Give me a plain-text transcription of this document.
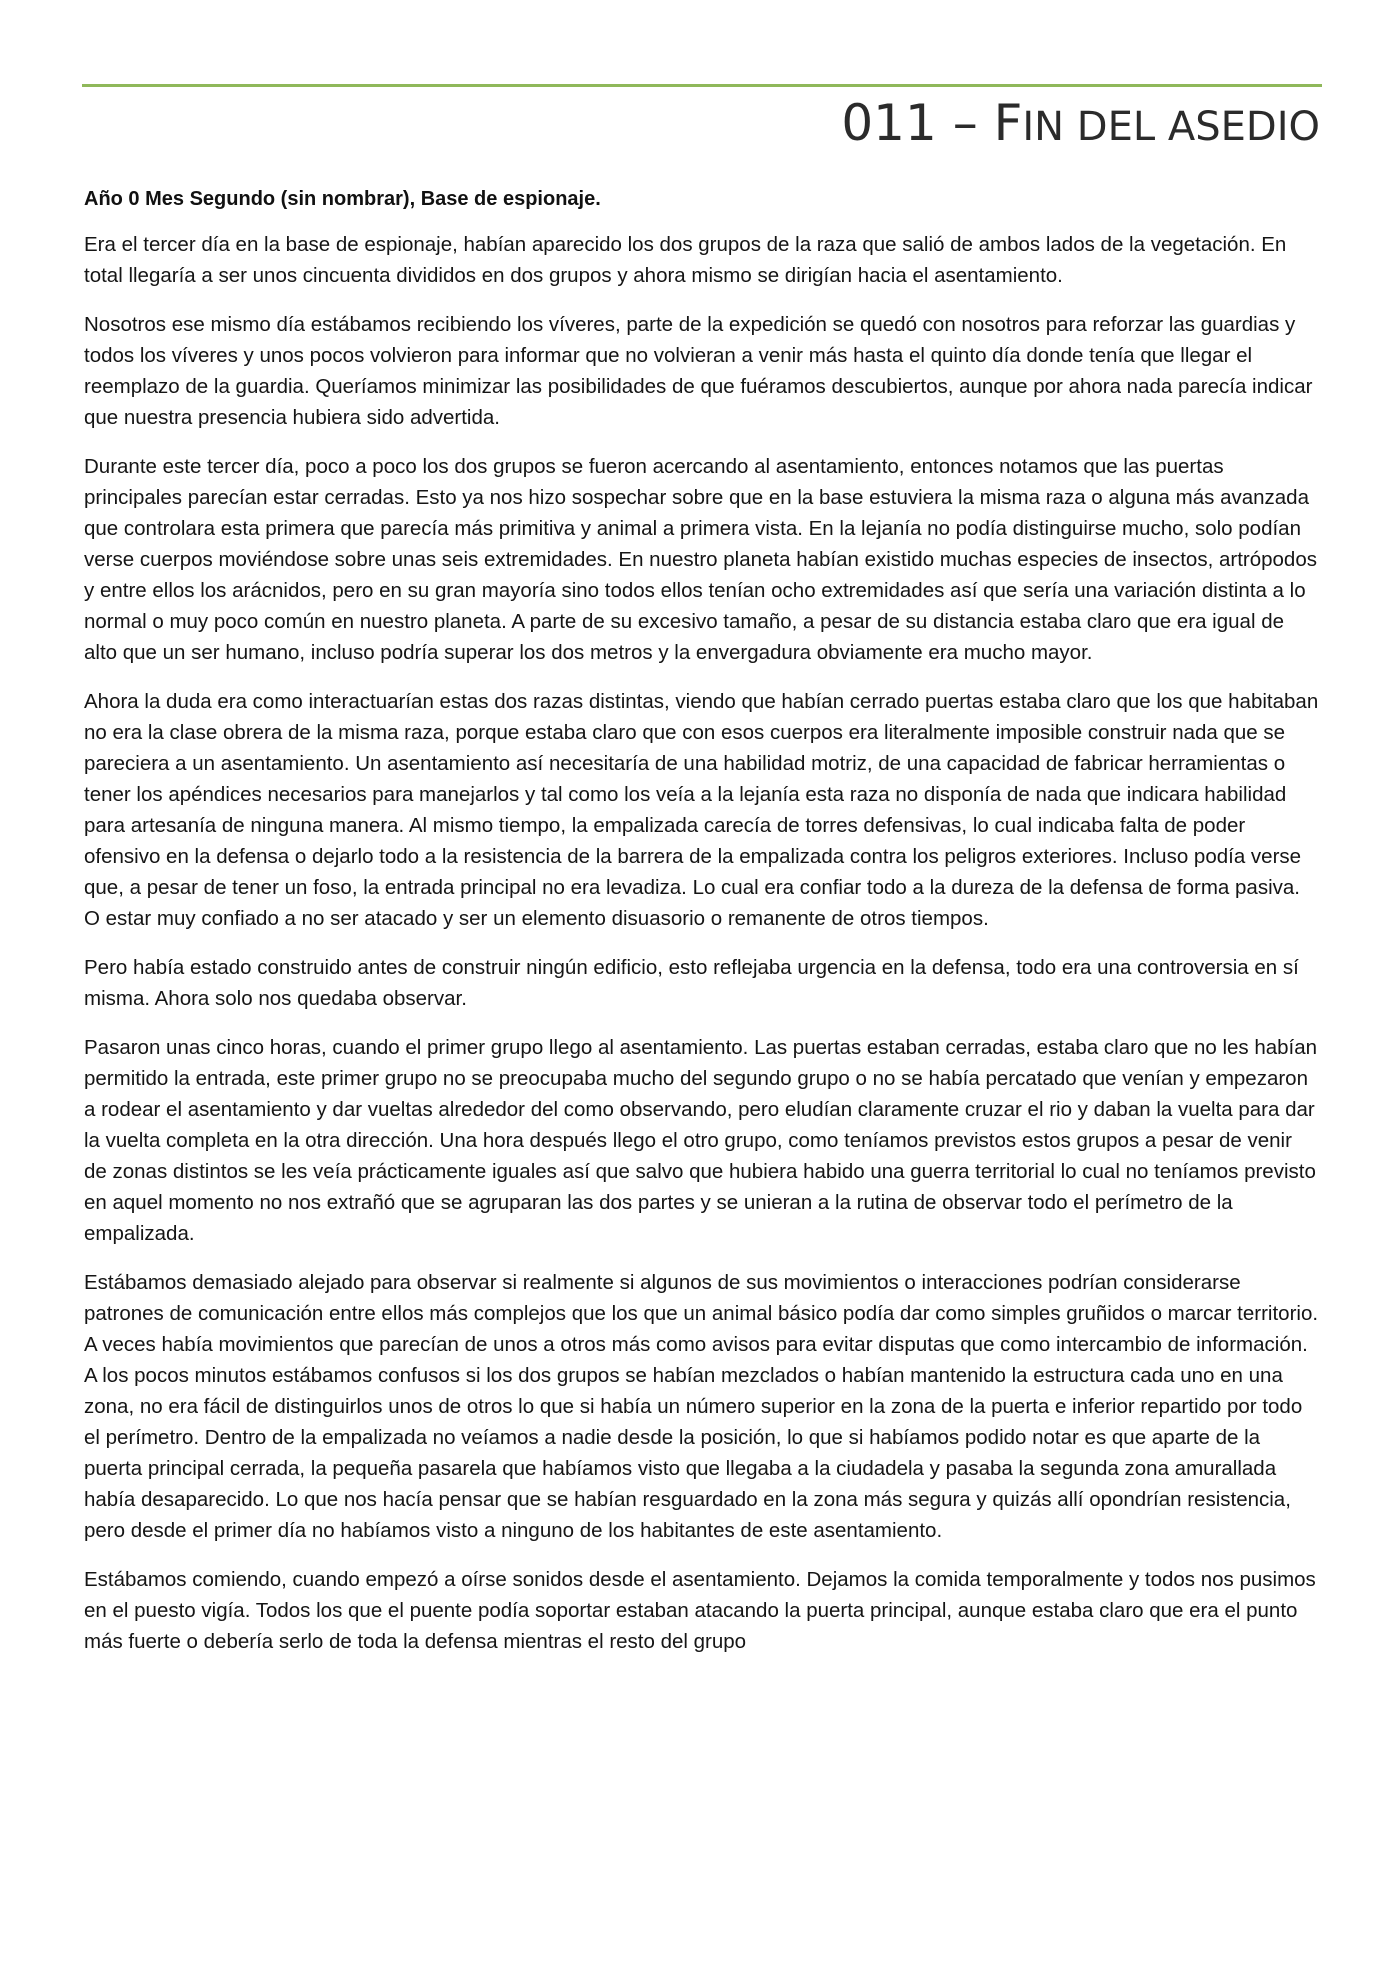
011 – FIN DEL ASEDIO

Año 0 Mes Segundo (sin nombrar), Base de espionaje.

Era el tercer día en la base de espionaje, habían aparecido los dos grupos de la raza que salió de ambos lados de la vegetación. En total llegaría a ser unos cincuenta divididos en dos grupos y ahora mismo se dirigían hacia el asentamiento.

Nosotros ese mismo día estábamos recibiendo los víveres, parte de la expedición se quedó con nosotros para reforzar las guardias y todos los víveres y unos pocos volvieron para informar que no volvieran a venir más hasta el quinto día donde tenía que llegar el reemplazo de la guardia. Queríamos minimizar las posibilidades de que fuéramos descubiertos, aunque por ahora nada parecía indicar que nuestra presencia hubiera sido advertida.

Durante este tercer día, poco a poco los dos grupos se fueron acercando al asentamiento, entonces notamos que las puertas principales parecían estar cerradas. Esto ya nos hizo sospechar sobre que en la base estuviera la misma raza o alguna más avanzada que controlara esta primera que parecía más primitiva y animal a primera vista. En la lejanía no podía distinguirse mucho, solo podían verse cuerpos moviéndose sobre unas seis extremidades. En nuestro planeta habían existido muchas especies de insectos, artrópodos y entre ellos los arácnidos, pero en su gran mayoría sino todos ellos tenían ocho extremidades así que sería una variación distinta a lo normal o muy poco común en nuestro planeta. A parte de su excesivo tamaño, a pesar de su distancia estaba claro que era igual de alto que un ser humano, incluso podría superar los dos metros y la envergadura obviamente era mucho mayor.

Ahora la duda era como interactuarían estas dos razas distintas, viendo que habían cerrado puertas estaba claro que los que habitaban no era la clase obrera de la misma raza, porque estaba claro que con esos cuerpos era literalmente imposible construir nada que se pareciera a un asentamiento. Un asentamiento así necesitaría de una habilidad motriz, de una capacidad de fabricar herramientas o tener los apéndices necesarios para manejarlos y tal como los veía a la lejanía esta raza no disponía de nada que indicara habilidad para artesanía de ninguna manera. Al mismo tiempo, la empalizada carecía de torres defensivas, lo cual indicaba falta de poder ofensivo en la defensa o dejarlo todo a la resistencia de la barrera de la empalizada contra los peligros exteriores. Incluso podía verse que, a pesar de tener un foso, la entrada principal no era levadiza. Lo cual era confiar todo a la dureza de la defensa de forma pasiva. O estar muy confiado a no ser atacado y ser un elemento disuasorio o remanente de otros tiempos.

Pero había estado construido antes de construir ningún edificio, esto reflejaba urgencia en la defensa, todo era una controversia en sí misma. Ahora solo nos quedaba observar.

Pasaron unas cinco horas, cuando el primer grupo llego al asentamiento. Las puertas estaban cerradas, estaba claro que no les habían permitido la entrada, este primer grupo no se preocupaba mucho del segundo grupo o no se había percatado que venían y empezaron a rodear el asentamiento y dar vueltas alrededor del como observando, pero eludían claramente cruzar el rio y daban la vuelta para dar la vuelta completa en la otra dirección. Una hora después llego el otro grupo, como teníamos previstos estos grupos a pesar de venir de zonas distintos se les veía prácticamente iguales así que salvo que hubiera habido una guerra territorial lo cual no teníamos previsto en aquel momento no nos extrañó que se agruparan las dos partes y se unieran a la rutina de observar todo el perímetro de la empalizada.

Estábamos demasiado alejado para observar si realmente si algunos de sus movimientos o interacciones podrían considerarse patrones de comunicación entre ellos más complejos que los que un animal básico podía dar como simples gruñidos o marcar territorio. A veces había movimientos que parecían de unos a otros más como avisos para evitar disputas que como intercambio de información. A los pocos minutos estábamos confusos si los dos grupos se habían mezclados o habían mantenido la estructura cada uno en una zona, no era fácil de distinguirlos unos de otros lo que si había un número superior en la zona de la puerta e inferior repartido por todo el perímetro. Dentro de la empalizada no veíamos a nadie desde la posición, lo que si habíamos podido notar es que aparte de la puerta principal cerrada, la pequeña pasarela que habíamos visto que llegaba a la ciudadela y pasaba la segunda zona amurallada había desaparecido. Lo que nos hacía pensar que se habían resguardado en la zona más segura y quizás allí opondrían resistencia, pero desde el primer día no habíamos visto a ninguno de los habitantes de este asentamiento.

Estábamos comiendo, cuando empezó a oírse sonidos desde el asentamiento. Dejamos la comida temporalmente y todos nos pusimos en el puesto vigía. Todos los que el puente podía soportar estaban atacando la puerta principal, aunque estaba claro que era el punto más fuerte o debería serlo de toda la defensa mientras el resto del grupo
